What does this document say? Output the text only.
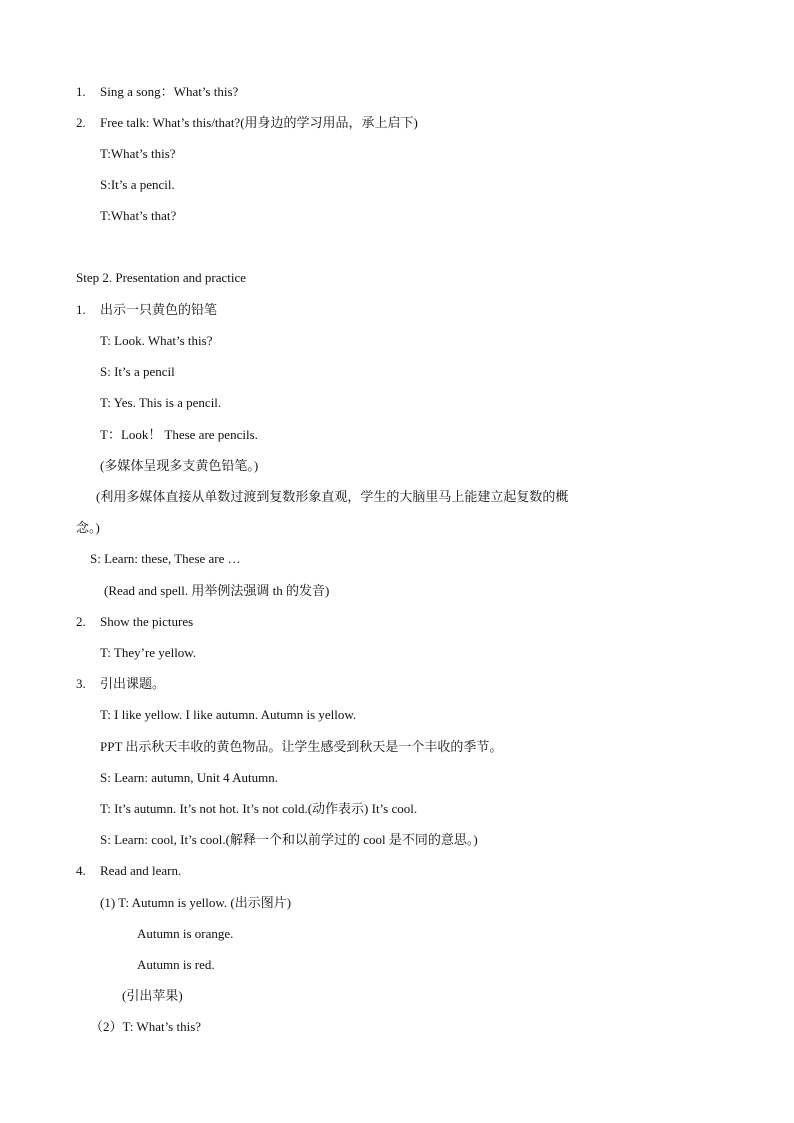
1. Sing a song：What’s this?
2. Free talk: What’s this/that?(用身边的学习用品，承上启下)
T:What’s this?
S:It’s a pencil.
T:What’s that?
Step 2. Presentation and practice
1. 出示一只黄色的铅笔
T: Look. What’s this?
S: It’s a pencil
T: Yes. This is a pencil.
T：Look！ These are pencils.
(多媒体呈现多支黄色铅笔。)
(利用多媒体直接从单数过渡到复数形象直观，学生的大脑里马上能建立起复数的概
念。)
S: Learn: these, These are …
(Read and spell. 用举例法强调 th 的发音)
2. Show the pictures
T: They’re yellow.
3. 引出课题。
T: I like yellow. I like autumn. Autumn is yellow.
PPT 出示秋天丰收的黄色物品。让学生感受到秋天是一个丰收的季节。
S: Learn: autumn, Unit 4 Autumn.
T: It’s autumn. It’s not hot. It’s not cold.(动作表示) It’s cool.
S: Learn: cool, It’s cool.(解释一个和以前学过的 cool 是不同的意思。)
4. Read and learn.
(1) T: Autumn is yellow. (出示图片)
Autumn is orange.
Autumn is red.
(引出苹果)
（2）T: What’s this?
